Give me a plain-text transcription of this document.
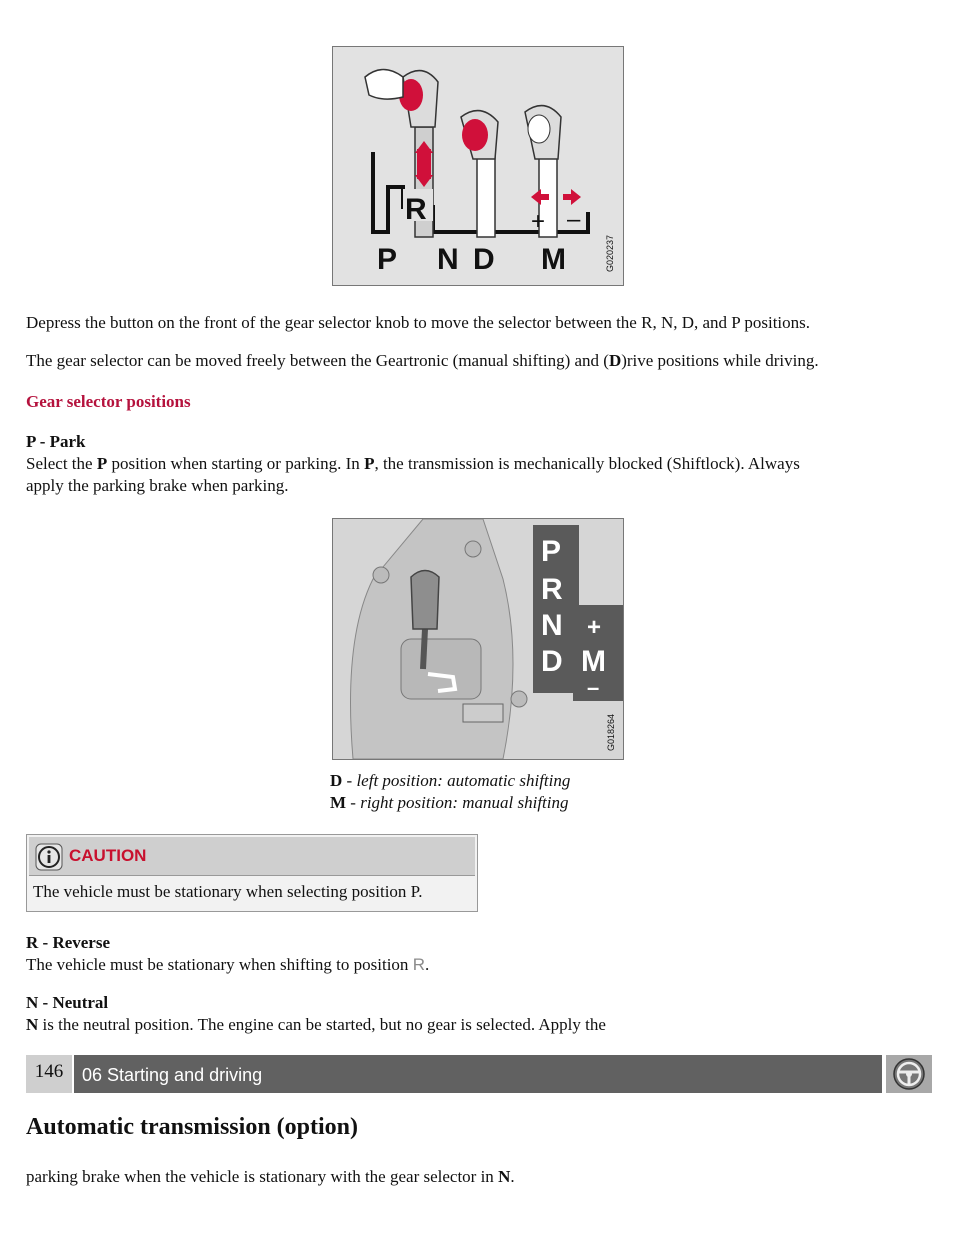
R	+ –
P N D M	G020237

Depress the button on the front of the gear selector knob to move the selector between the R, N, D, and P positions.

The gear selector can be moved freely between the Geartronic (manual shifting) and (D)rive positions while driving.

Gear selector positions

P - Park

Select the P position when starting or parking. In P, the transmission is mechanically blocked (Shiftlock). Always
apply the parking brake when parking.

P
R
N
D
+
M
–
G018264

D - left position: automatic shifting

M - right position: manual shifting

CAUTION
The vehicle must be stationary when selecting position P.

R - Reverse

The vehicle must be stationary when shifting to position R.

N - Neutral

N is the neutral position. The engine can be started, but no gear is selected. Apply the

146	06 Starting and driving
Automatic transmission (option)

parking brake when the vehicle is stationary with the gear selector in N.
